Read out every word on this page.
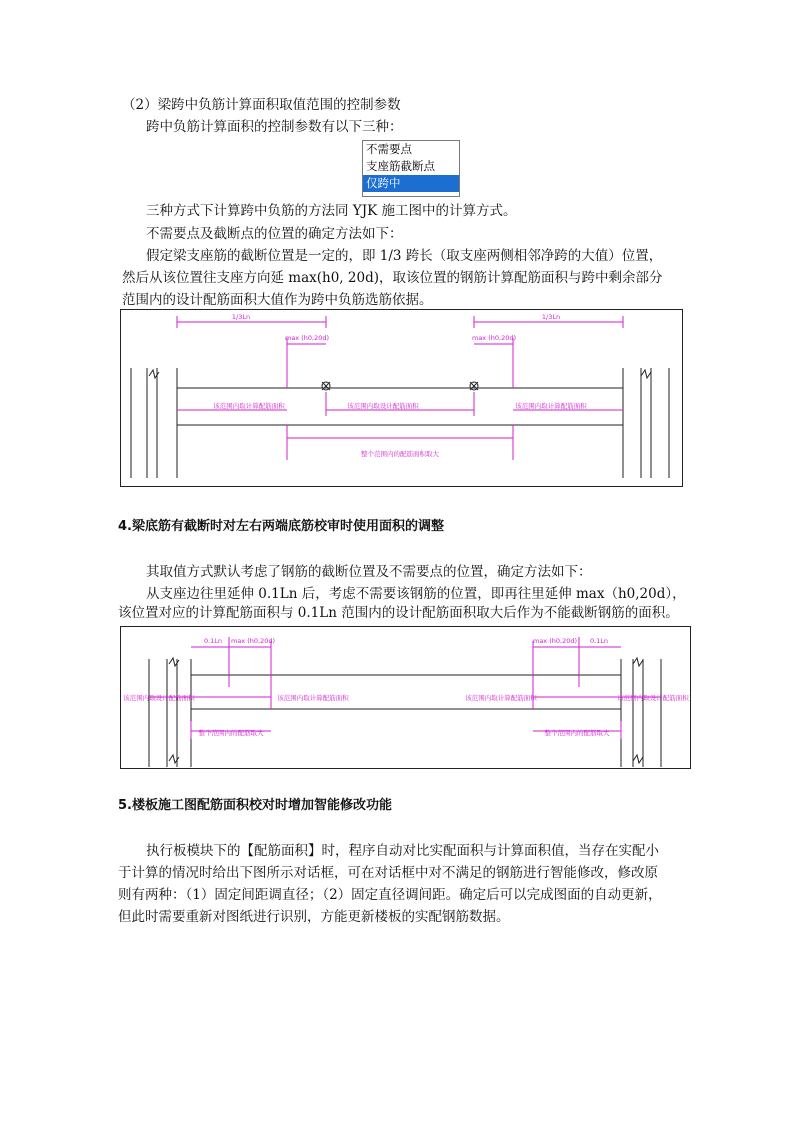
（2）梁跨中负筋计算面积取值范围的控制参数
跨中负筋计算面积的控制参数有以下三种：
不需要点
支座筋截断点
仅跨中
三种方式下计算跨中负筋的方法同 YJK 施工图中的计算方式。
不需要点及截断点的位置的确定方法如下：
假定梁支座筋的截断位置是一定的，即 1/3 跨长（取支座两侧相邻净跨的大值）位置，
然后从该位置往支座方向延 max(h0, 20d)，取该位置的钢筋计算配筋面积与跨中剩余部分
范围内的设计配筋面积大值作为跨中负筋选筋依据。
1/3Ln	1/3Ln
max (h0,20d)	max (h0,20d)
该范围内取计算配筋面积	该范围内取设计配筋面积	该范围内取计算配筋面积
整个范围内的配筋面积取大
4.梁底筋有截断时对左右两端底筋校审时使用面积的调整
其取值方式默认考虑了钢筋的截断位置及不需要点的位置，确定方法如下：
从支座边往里延伸 0.1Ln 后，考虑不需要该钢筋的位置，即再往里延伸 max（h0,20d），
该位置对应的计算配筋面积与 0.1Ln 范围内的设计配筋面积取大后作为不能截断钢筋的面积。
0.1Ln max (h0,20d)	max (h0,20d) 0.1Ln
该范围内取设计配筋面积	该范围内取计算配筋面积	该范围内取计算配筋面积	该范围内取设计配筋面积
整个范围内的配筋取大	整个范围内的配筋取大
5.楼板施工图配筋面积校对时增加智能修改功能
执行板模块下的【配筋面积】时，程序自动对比实配面积与计算面积值，当存在实配小
于计算的情况时给出下图所示对话框，可在对话框中对不满足的钢筋进行智能修改，修改原
则有两种：（1）固定间距调直径；（2）固定直径调间距。确定后可以完成图面的自动更新，
但此时需要重新对图纸进行识别，方能更新楼板的实配钢筋数据。
